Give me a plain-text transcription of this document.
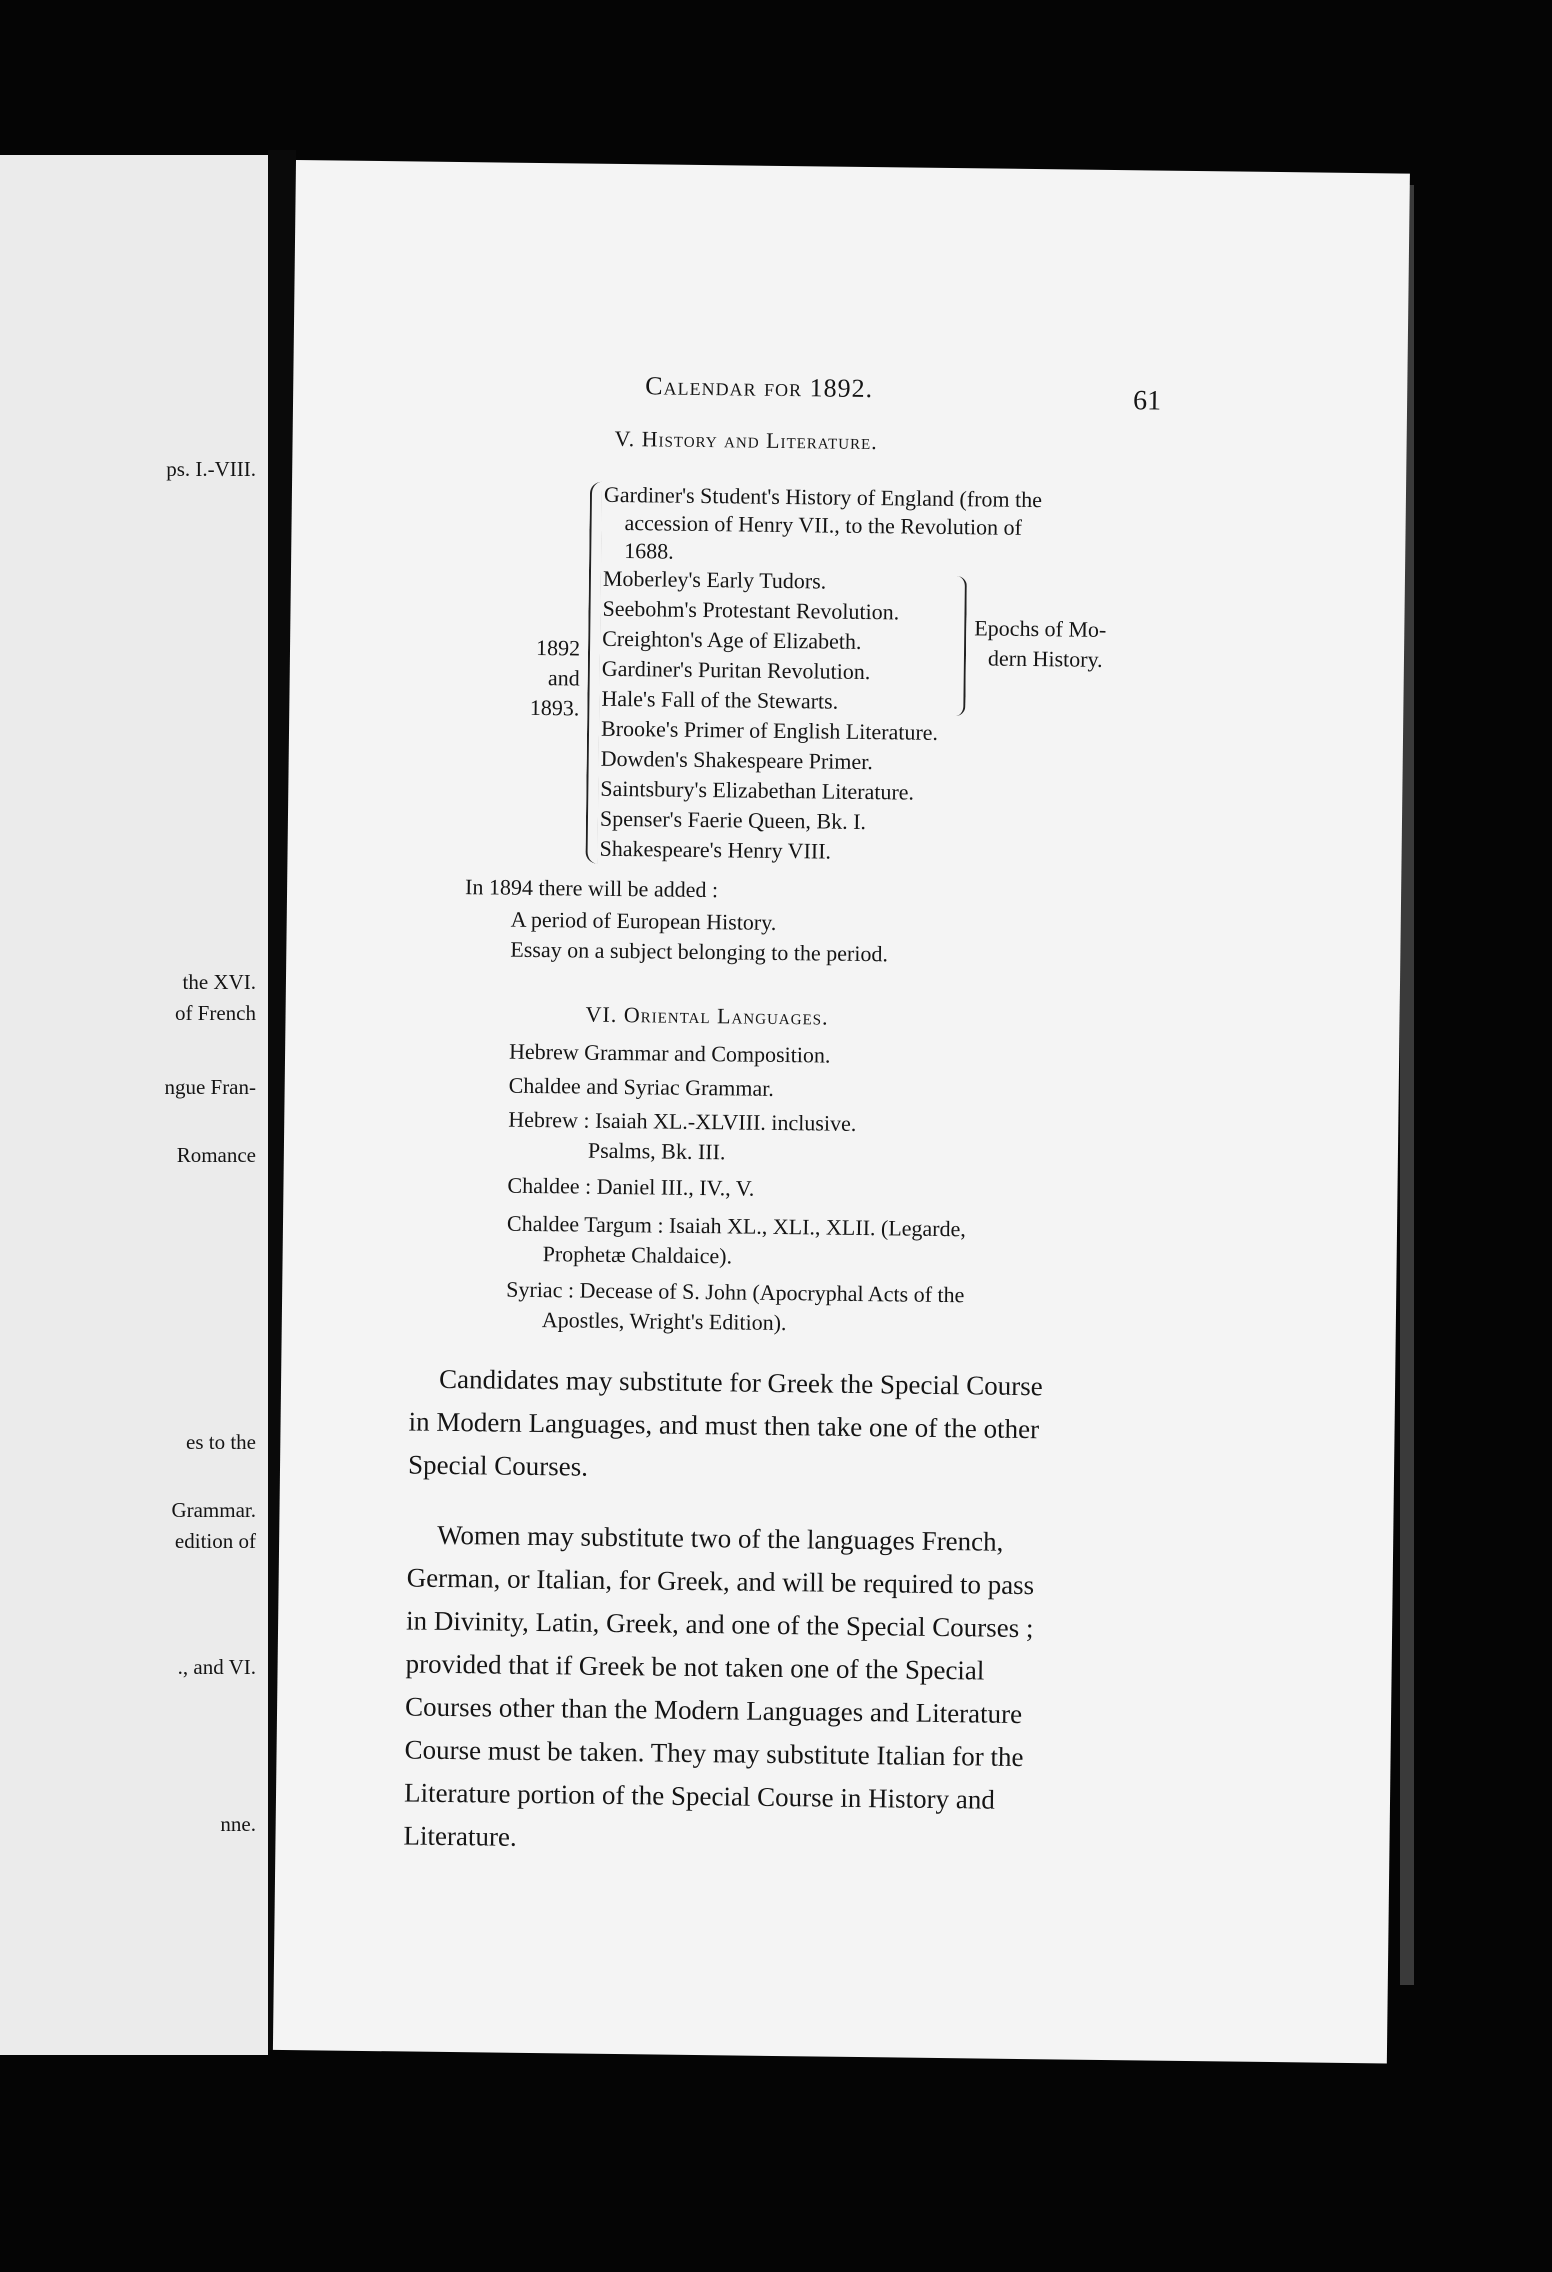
ps. I.-VIII.
the XVI.
of French
ngue Fran-
Romance
es to the
Grammar.
edition of
., and VI.
nne.
Calendar for 1892.	61
V. History and Literature.
1892
and
1893.
Gardiner's Student's History of England (from the
accession of Henry VII., to the Revolution of
1688.
Moberley's Early Tudors.
Seebohm's Protestant Revolution.
Creighton's Age of Elizabeth.
Gardiner's Puritan Revolution.
Hale's Fall of the Stewarts.
Brooke's Primer of English Literature.
Dowden's Shakespeare Primer.
Saintsbury's Elizabethan Literature.
Spenser's Faerie Queen, Bk. I.
Shakespeare's Henry VIII.
Epochs of Mo-
dern History.
In 1894 there will be added :
A period of European History.
Essay on a subject belonging to the period.
VI. Oriental Languages.
Hebrew Grammar and Composition.
Chaldee and Syriac Grammar.
Hebrew : Isaiah XL.-XLVIII. inclusive.
Psalms, Bk. III.
Chaldee : Daniel III., IV., V.
Chaldee Targum : Isaiah XL., XLI., XLII. (Legarde,
Prophetæ Chaldaice).
Syriac : Decease of S. John (Apocryphal Acts of the
Apostles, Wright's Edition).
Candidates may substitute for Greek the Special Course
in Modern Languages, and must then take one of the other
Special Courses.
Women may substitute two of the languages French,
German, or Italian, for Greek, and will be required to pass
in Divinity, Latin, Greek, and one of the Special Courses ;
provided that if Greek be not taken one of the Special
Courses other than the Modern Languages and Literature
Course must be taken. They may substitute Italian for the
Literature portion of the Special Course in History and
Literature.
